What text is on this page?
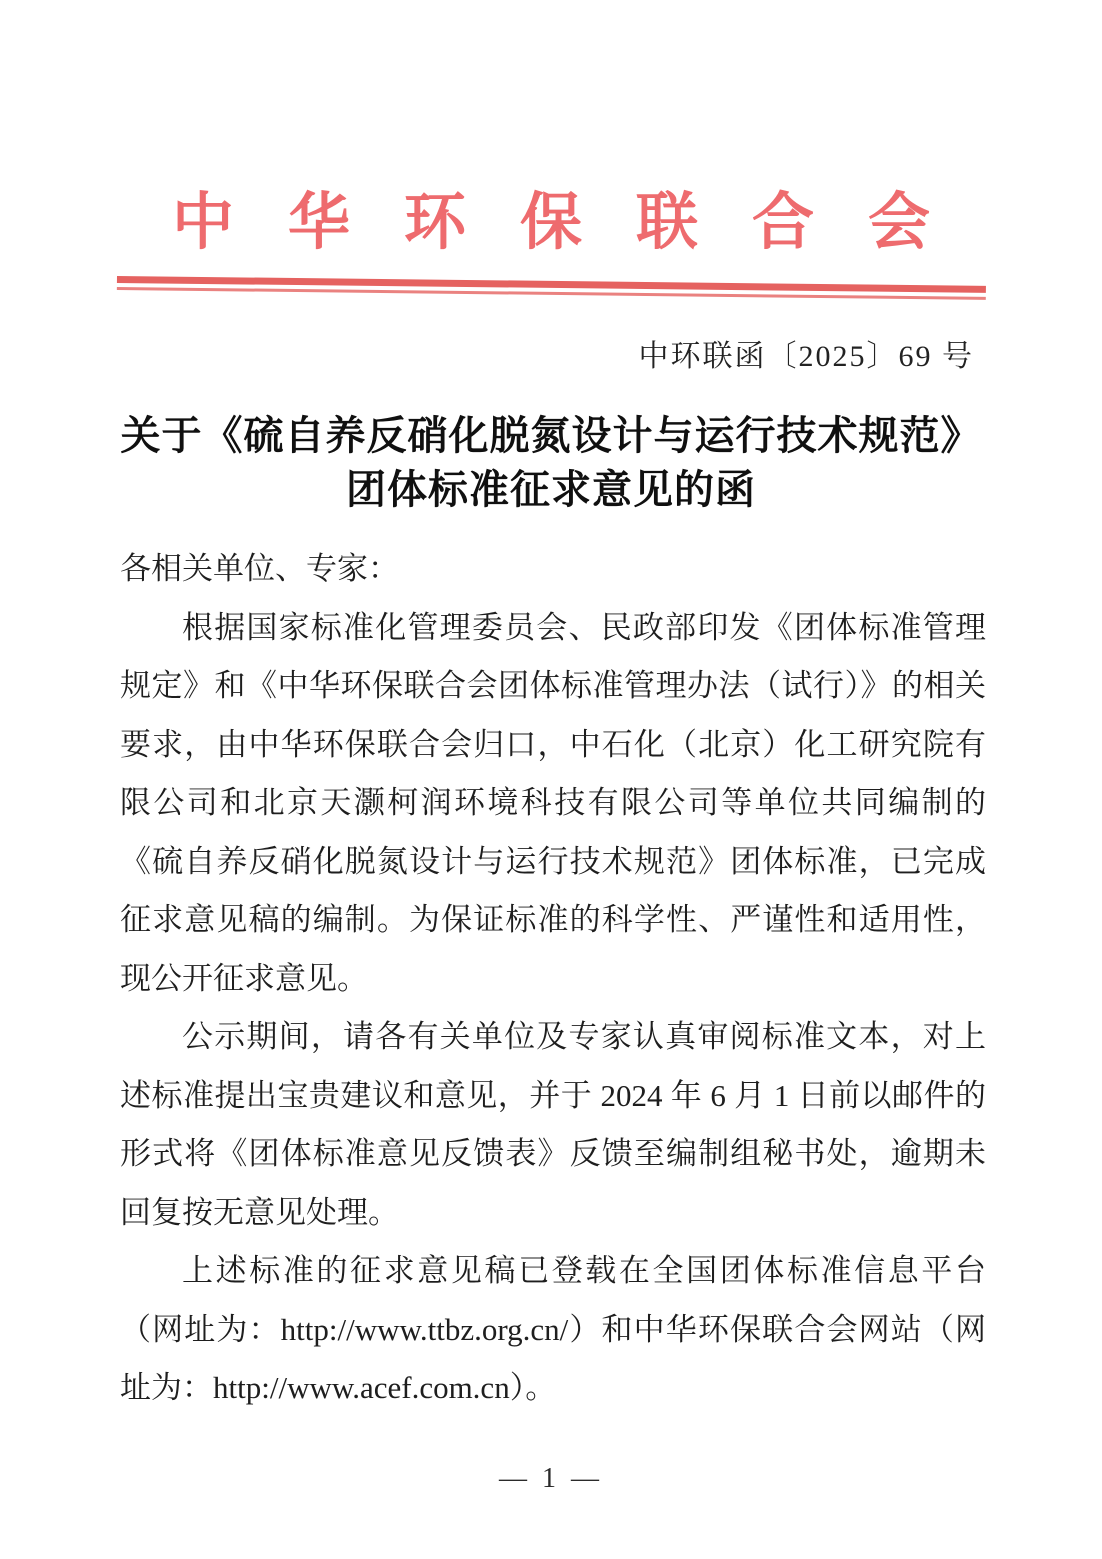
中华环保联合会
中环联函〔2025〕69 号
关于《硫自养反硝化脱氮设计与运行技术规范》
团体标准征求意见的函

各相关单位、专家：

根据国家标准化管理委员会、民政部印发《团体标准管理规定》和《中华环保联合会团体标准管理办法（试行）》的相关要求，由中华环保联合会归口，中石化（北京）化工研究院有限公司和北京天灏柯润环境科技有限公司等单位共同编制的《硫自养反硝化脱氮设计与运行技术规范》团体标准，已完成征求意见稿的编制。为保证标准的科学性、严谨性和适用性，现公开征求意见。

公示期间，请各有关单位及专家认真审阅标准文本，对上述标准提出宝贵建议和意见，并于 2024 年 6 月 1 日前以邮件的形式将《团体标准意见反馈表》反馈至编制组秘书处，逾期未回复按无意见处理。

上述标准的征求意见稿已登载在全国团体标准信息平台（网址为：http://www.ttbz.org.cn/）和中华环保联合会网站（网址为：http://www.acef.com.cn）。

— 1 —
